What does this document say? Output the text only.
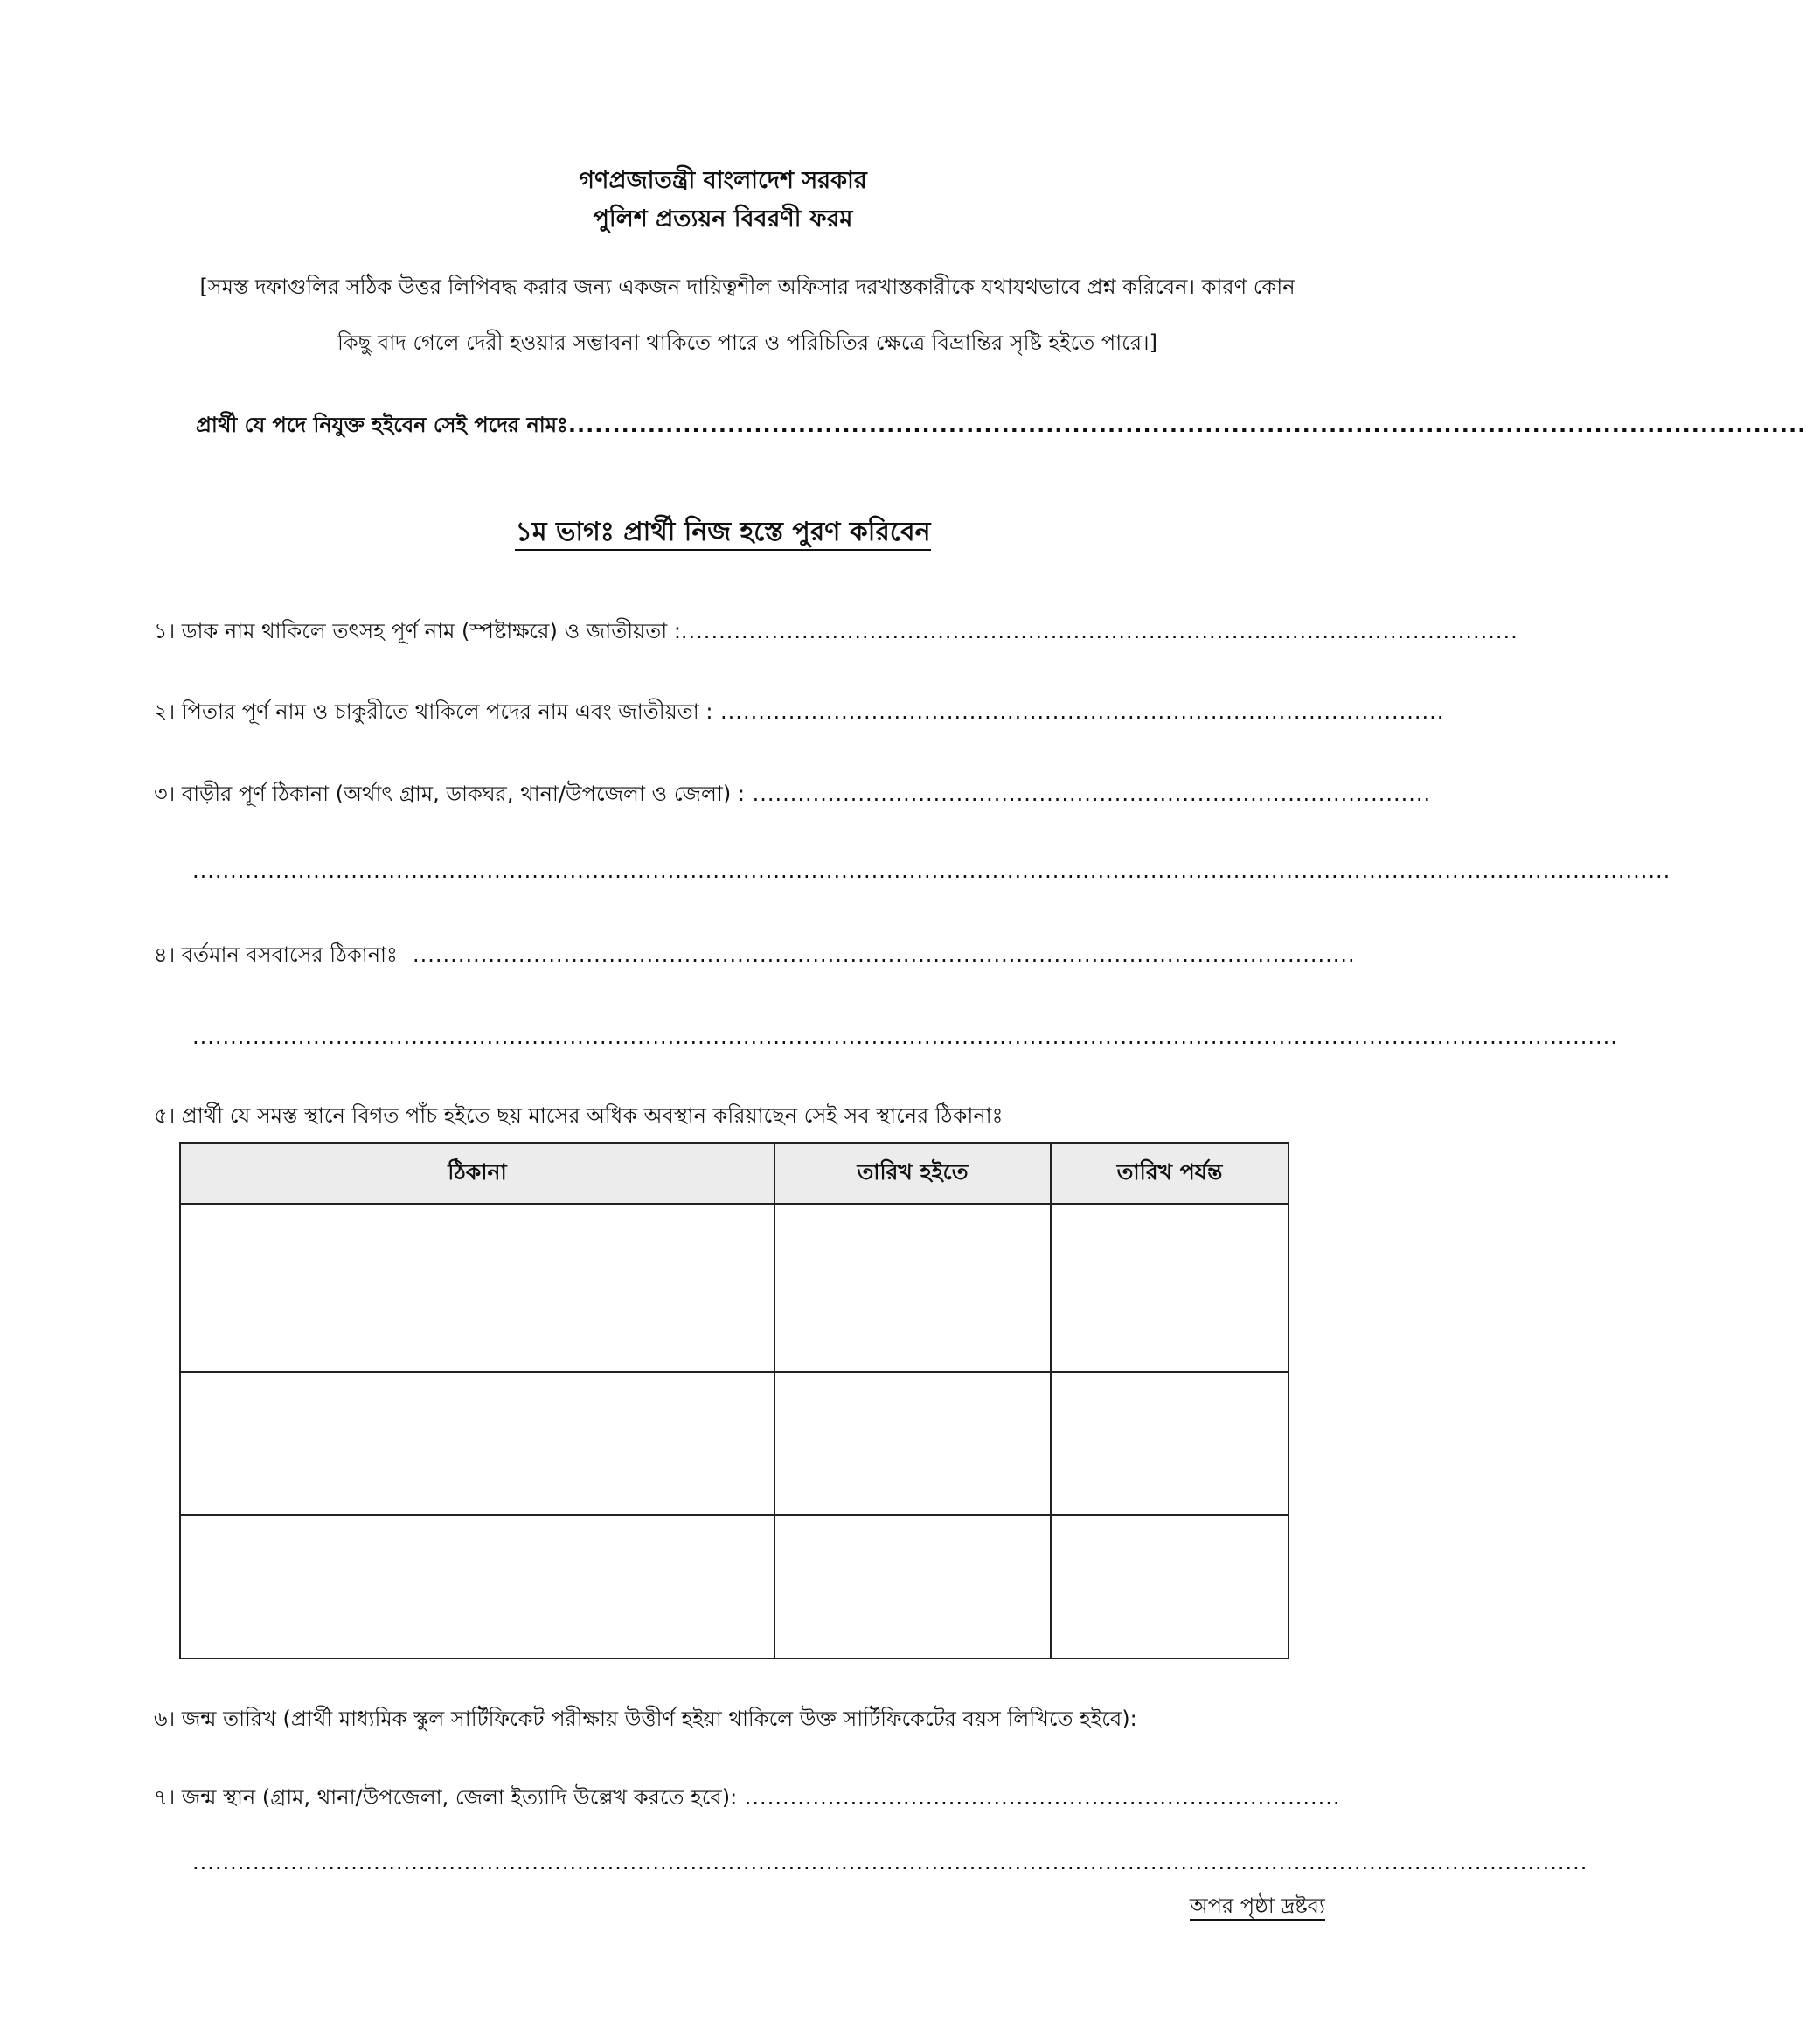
গণপ্রজাতন্ত্রী বাংলাদেশ সরকার
পুলিশ প্রত্যয়ন বিবরণী ফরম
[সমস্ত দফাগুলির সঠিক উত্তর লিপিবদ্ধ করার জন্য একজন দায়িত্বশীল অফিসার দরখাস্তকারীকে যথাযথভাবে প্রশ্ন করিবেন। কারণ কোন
কিছু বাদ গেলে দেরী হওয়ার সম্ভাবনা থাকিতে পারে ও পরিচিতির ক্ষেত্রে বিভ্রান্তির সৃষ্টি হইতে পারে।]
প্রার্থী যে পদে নিযুক্ত হইবেন সেই পদের নামঃ............................................................................................................................................
১ম ভাগঃ প্রার্থী নিজ হস্তে পুরণ করিবেন
১। ডাক নাম থাকিলে তৎসহ পূর্ণ নাম (স্পষ্টাক্ষরে) ও জাতীয়তা :...............................................................................................................
২। পিতার পূর্ণ নাম ও চাকুরীতে থাকিলে পদের নাম এবং জাতীয়তা : ................................................................................................
৩। বাড়ীর পূর্ণ ঠিকানা (অর্থাৎ গ্রাম, ডাকঘর, থানা/উপজেলা ও জেলা) : ..........................................................................................
....................................................................................................................................................................................................
৪। বর্তমান বসবাসের ঠিকানাঃ  .............................................................................................................................
.............................................................................................................................................................................................
৫। প্রার্থী যে সমস্ত স্থানে বিগত পাঁচ হইতে ছয় মাসের অধিক অবস্থান করিয়াছেন সেই সব স্থানের ঠিকানাঃ
ঠিকানা	তারিখ হইতে	তারিখ পর্যন্ত

৬। জন্ম তারিখ (প্রার্থী মাধ্যমিক স্কুল সার্টিফিকেট পরীক্ষায় উত্তীর্ণ হইয়া থাকিলে উক্ত সার্টিফিকেটের বয়স লিখিতে হইবে):
৭। জন্ম স্থান (গ্রাম, থানা/উপজেলা, জেলা ইত্যাদি উল্লেখ করতে হবে): ...............................................................................
.........................................................................................................................................................................................
অপর পৃষ্ঠা দ্রষ্টব্য
